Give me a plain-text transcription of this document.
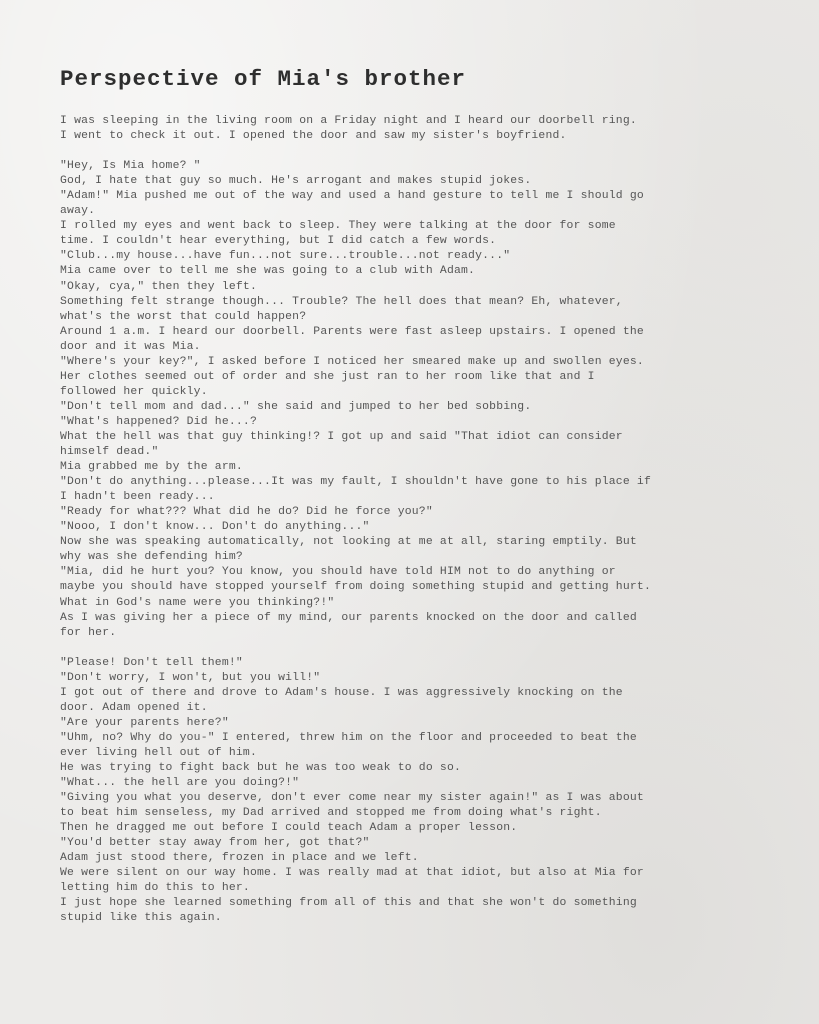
Perspective of Mia's brother
I was sleeping in the living room on a Friday night and I heard our doorbell ring.
I went to check it out. I opened the door and saw my sister's boyfriend.
"Hey, Is Mia home? "
God, I hate that guy so much. He's arrogant and makes stupid jokes.
"Adam!" Mia pushed me out of the way and used a hand gesture to tell me I should go
away.
I rolled my eyes and went back to sleep. They were talking at the door for some
time. I couldn't hear everything, but I did catch a few words.
"Club...my house...have fun...not sure...trouble...not ready..."
Mia came over to tell me she was going to a club with Adam.
"Okay, cya," then they left.
Something felt strange though... Trouble? The hell does that mean? Eh, whatever,
what's the worst that could happen?
Around 1 a.m. I heard our doorbell. Parents were fast asleep upstairs. I opened the
door and it was Mia.
"Where's your key?", I asked before I noticed her smeared make up and swollen eyes.
Her clothes seemed out of order and she just ran to her room like that and I
followed her quickly.
"Don't tell mom and dad..." she said and jumped to her bed sobbing.
"What's happened? Did he...?
What the hell was that guy thinking!? I got up and said "That idiot can consider
himself dead."
Mia grabbed me by the arm.
"Don't do anything...please...It was my fault, I shouldn't have gone to his place if
I hadn't been ready...
"Ready for what??? What did he do? Did he force you?"
"Nooo, I don't know... Don't do anything..."
Now she was speaking automatically, not looking at me at all, staring emptily. But
why was she defending him?
"Mia, did he hurt you? You know, you should have told HIM not to do anything or
maybe you should have stopped yourself from doing something stupid and getting hurt.
What in God's name were you thinking?!"
As I was giving her a piece of my mind, our parents knocked on the door and called
for her.
"Please! Don't tell them!"
"Don't worry, I won't, but you will!"
I got out of there and drove to Adam's house. I was aggressively knocking on the
door. Adam opened it.
"Are your parents here?"
"Uhm, no? Why do you-" I entered, threw him on the floor and proceeded to beat the
ever living hell out of him.
He was trying to fight back but he was too weak to do so.
"What... the hell are you doing?!"
"Giving you what you deserve, don't ever come near my sister again!" as I was about
to beat him senseless, my Dad arrived and stopped me from doing what's right.
Then he dragged me out before I could teach Adam a proper lesson.
"You'd better stay away from her, got that?"
Adam just stood there, frozen in place and we left.
We were silent on our way home. I was really mad at that idiot, but also at Mia for
letting him do this to her.
I just hope she learned something from all of this and that she won't do something
stupid like this again.
